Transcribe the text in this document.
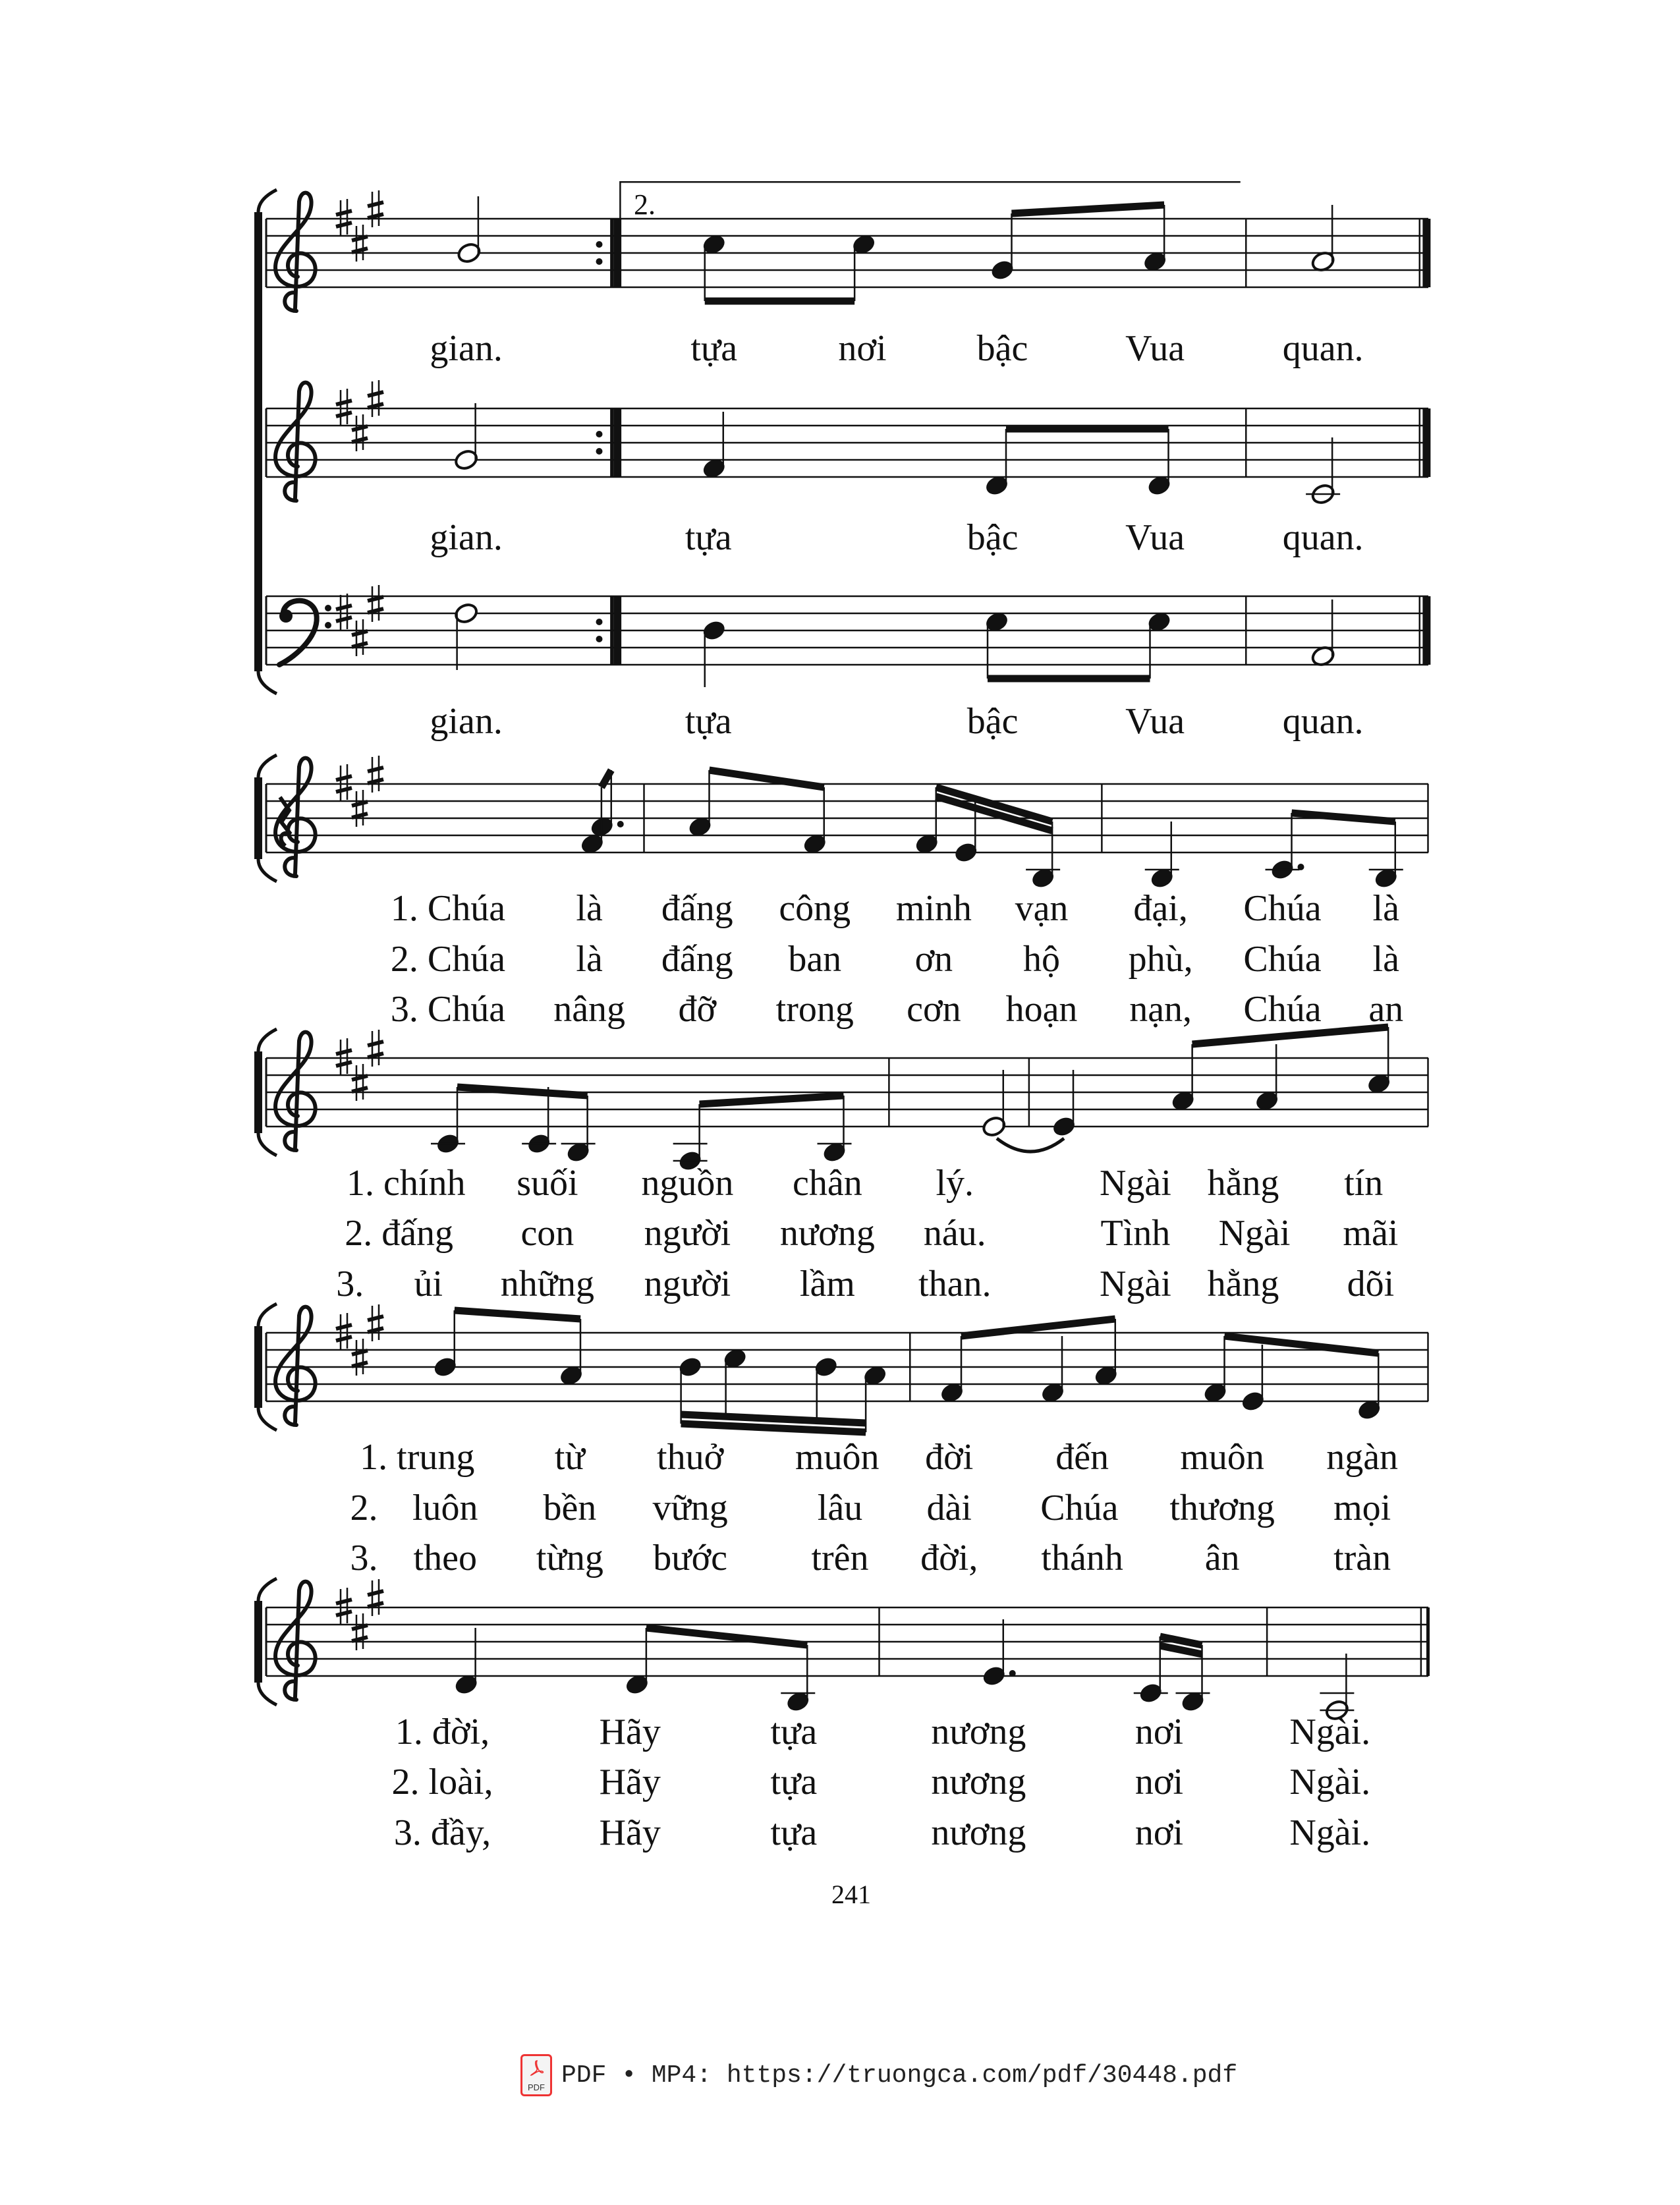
2.
gian.	tựa	nơi bậc	Vua	quan.
gian.	tựa	bậc	Vua	quan.
gian.	tựa	bậc	Vua	quan.
1. Chúa là đấng công minh vạn đại, Chúa là
2. Chúa là đấng ban ơn hộ phù, Chúa là
3. Chúa nâng đỡ trong cơn hoạn nạn, Chúa an
1. chính suối nguồn chân lý.	Ngài hằng tín
2. đấng con người nương náu.	Tình Ngài mãi
3. ủi những người lầm than.	Ngài hằng dõi
1. trung từ thuở muôn đời đến muôn ngàn
2. luôn bền vững lâu dài Chúa thương mọi
3. theo từng bước trên đời, thánh ân	tràn
1. đời,	Hãy	tựa	nương	nơi	Ngài.
2. loài,	Hãy	tựa	nương	nơi	Ngài.
3. đầy,	Hãy	tựa	nương	nơi	Ngài.
241
PDF PDF • MP4: https://truongca.com/pdf/30448.pdf
